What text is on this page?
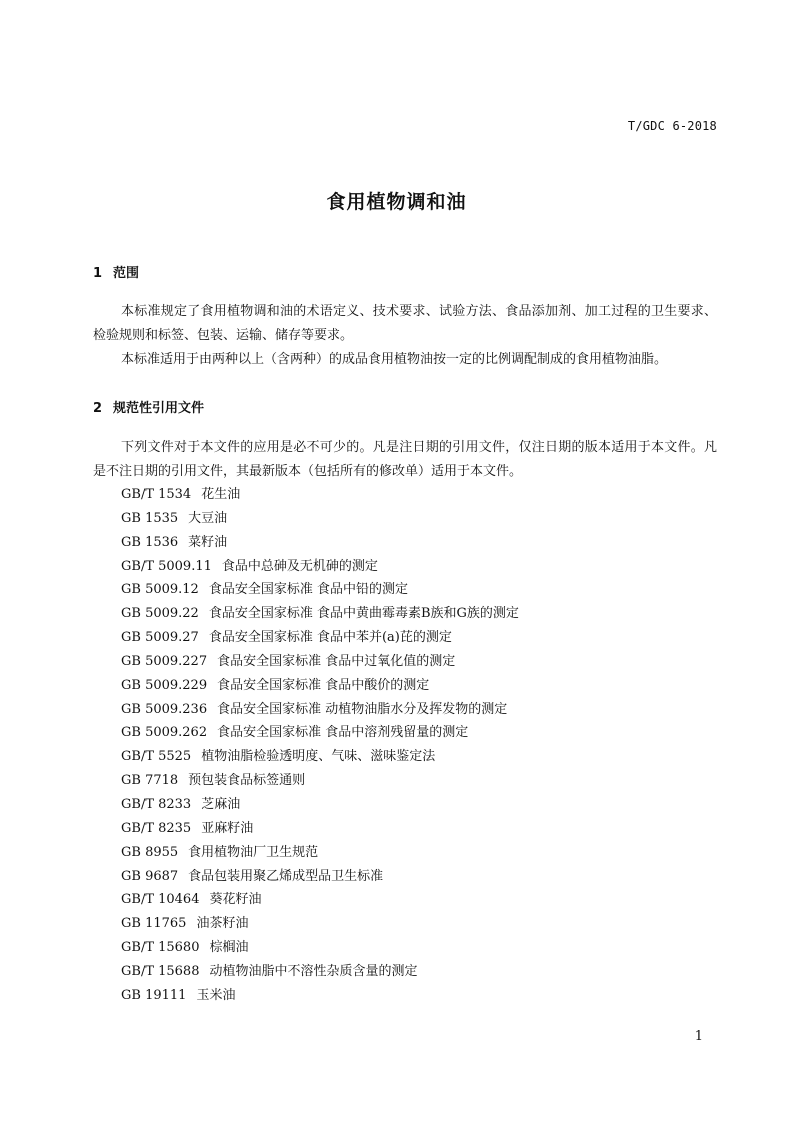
T/GDC 6-2018
食用植物调和油
1 范围

本标准规定了食用植物调和油的术语定义、技术要求、试验方法、食品添加剂、加工过程的卫生要求、检验规则和标签、包装、运输、储存等要求。

本标准适用于由两种以上（含两种）的成品食用植物油按一定的比例调配制成的食用植物油脂。

2 规范性引用文件

下列文件对于本文件的应用是必不可少的。凡是注日期的引用文件，仅注日期的版本适用于本文件。凡是不注日期的引用文件，其最新版本（包括所有的修改单）适用于本文件。

GB/T 1534 花生油
GB 1535 大豆油
GB 1536 菜籽油
GB/T 5009.11 食品中总砷及无机砷的测定
GB 5009.12 食品安全国家标准 食品中铅的测定
GB 5009.22 食品安全国家标准 食品中黄曲霉毒素B族和G族的测定
GB 5009.27 食品安全国家标准 食品中苯并(a)芘的测定
GB 5009.227 食品安全国家标准 食品中过氧化值的测定
GB 5009.229 食品安全国家标准 食品中酸价的测定
GB 5009.236 食品安全国家标准 动植物油脂水分及挥发物的测定
GB 5009.262 食品安全国家标准 食品中溶剂残留量的测定
GB/T 5525 植物油脂检验透明度、气味、滋味鉴定法
GB 7718 预包装食品标签通则
GB/T 8233 芝麻油
GB/T 8235 亚麻籽油
GB 8955 食用植物油厂卫生规范
GB 9687 食品包装用聚乙烯成型品卫生标准
GB/T 10464 葵花籽油
GB 11765 油茶籽油
GB/T 15680 棕榈油
GB/T 15688 动植物油脂中不溶性杂质含量的测定
GB 19111 玉米油
1
